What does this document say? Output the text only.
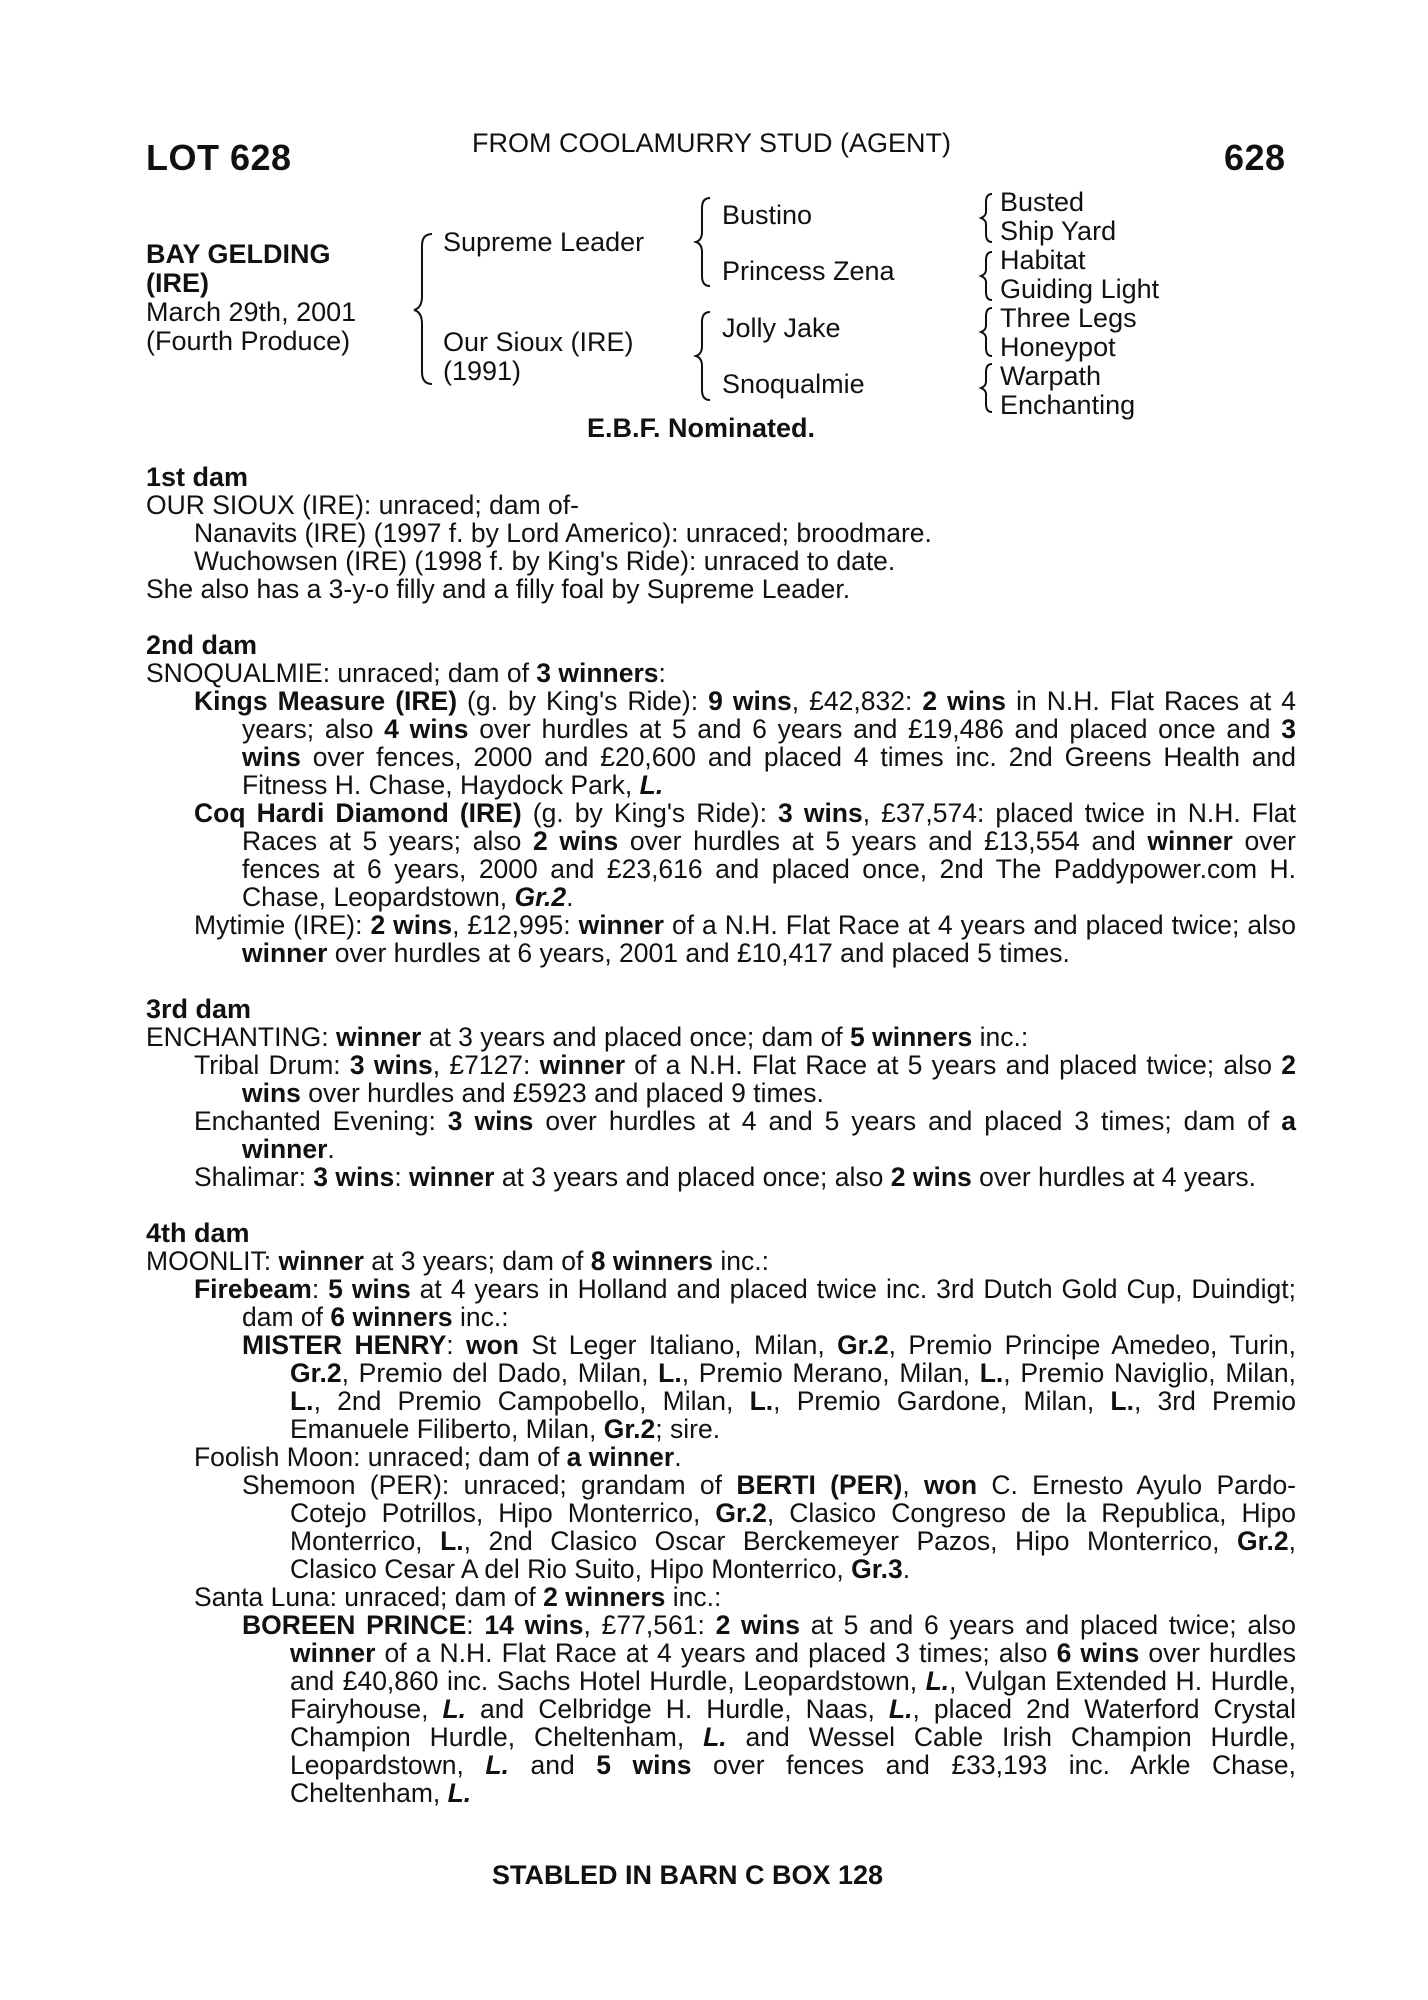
LOT 628	FROM COOLAMURRY STUD (AGENT)	628
BAY GELDING
(IRE)
March 29th, 2001
(Fourth Produce)
Supreme Leader
Our Sioux (IRE)
(1991)
Bustino
Princess Zena
Jolly Jake
Snoqualmie
Busted
Ship Yard
Habitat
Guiding Light
Three Legs
Honeypot
Warpath
Enchanting
E.B.F. Nominated.
1st dam
OUR SIOUX (IRE): unraced; dam of-
Nanavits (IRE) (1997 f. by Lord Americo): unraced; broodmare.
Wuchowsen (IRE) (1998 f. by King's Ride): unraced to date.
She also has a 3-y-o filly and a filly foal by Supreme Leader.
2nd dam
SNOQUALMIE: unraced; dam of 3 winners:
Kings Measure (IRE) (g. by King's Ride): 9 wins, £42,832: 2 wins in N.H. Flat Races at 4 years; also 4 wins over hurdles at 5 and 6 years and £19,486 and placed once and 3 wins over fences, 2000 and £20,600 and placed 4 times inc. 2nd Greens Health and Fitness H. Chase, Haydock Park, L.
Coq Hardi Diamond (IRE) (g. by King's Ride): 3 wins, £37,574: placed twice in N.H. Flat Races at 5 years; also 2 wins over hurdles at 5 years and £13,554 and winner over fences at 6 years, 2000 and £23,616 and placed once, 2nd The Paddypower.com H. Chase, Leopardstown, Gr.2.
Mytimie (IRE): 2 wins, £12,995: winner of a N.H. Flat Race at 4 years and placed twice; also winner over hurdles at 6 years, 2001 and £10,417 and placed 5 times.
3rd dam
ENCHANTING: winner at 3 years and placed once; dam of 5 winners inc.:
Tribal Drum: 3 wins, £7127: winner of a N.H. Flat Race at 5 years and placed twice; also 2 wins over hurdles and £5923 and placed 9 times.
Enchanted Evening: 3 wins over hurdles at 4 and 5 years and placed 3 times; dam of a winner.
Shalimar: 3 wins: winner at 3 years and placed once; also 2 wins over hurdles at 4 years.
4th dam
MOONLIT: winner at 3 years; dam of 8 winners inc.:
Firebeam: 5 wins at 4 years in Holland and placed twice inc. 3rd Dutch Gold Cup, Duindigt; dam of 6 winners inc.:
MISTER HENRY: won St Leger Italiano, Milan, Gr.2, Premio Principe Amedeo, Turin, Gr.2, Premio del Dado, Milan, L., Premio Merano, Milan, L., Premio Naviglio, Milan, L., 2nd Premio Campobello, Milan, L., Premio Gardone, Milan, L., 3rd Premio Emanuele Filiberto, Milan, Gr.2; sire.
Foolish Moon: unraced; dam of a winner.
Shemoon (PER): unraced; grandam of BERTI (PER), won C. Ernesto Ayulo Pardo-Cotejo Potrillos, Hipo Monterrico, Gr.2, Clasico Congreso de la Republica, Hipo Monterrico, L., 2nd Clasico Oscar Berckemeyer Pazos, Hipo Monterrico, Gr.2, Clasico Cesar A del Rio Suito, Hipo Monterrico, Gr.3.
Santa Luna: unraced; dam of 2 winners inc.:
BOREEN PRINCE: 14 wins, £77,561: 2 wins at 5 and 6 years and placed twice; also winner of a N.H. Flat Race at 4 years and placed 3 times; also 6 wins over hurdles and £40,860 inc. Sachs Hotel Hurdle, Leopardstown, L., Vulgan Extended H. Hurdle, Fairyhouse, L. and Celbridge H. Hurdle, Naas, L., placed 2nd Waterford Crystal Champion Hurdle, Cheltenham, L. and Wessel Cable Irish Champion Hurdle, Leopardstown, L. and 5 wins over fences and £33,193 inc. Arkle Chase, Cheltenham, L.
STABLED IN BARN C BOX 128
